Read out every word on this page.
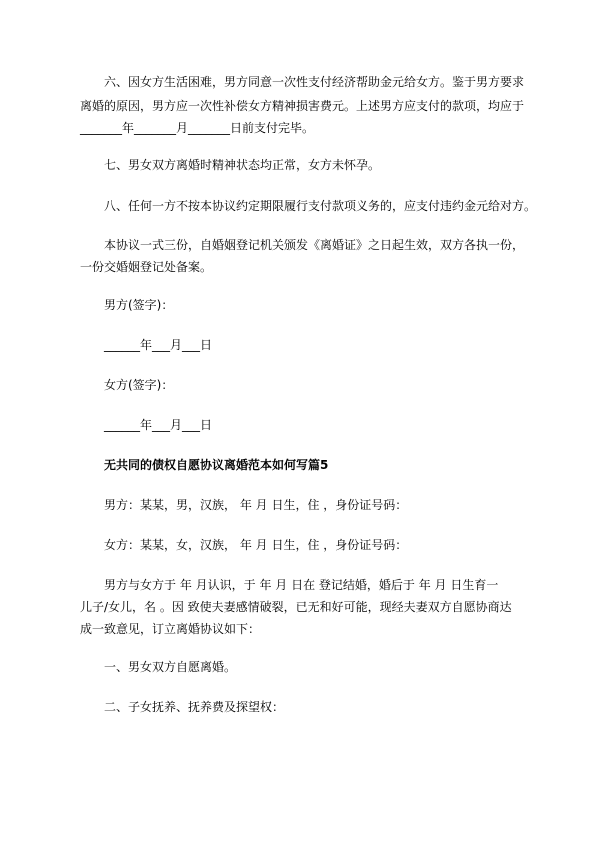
六、因女方生活困难，男方同意一次性支付经济帮助金元给女方。鉴于男方要求
离婚的原因，男方应一次性补偿女方精神损害费元。上述男方应支付的款项，均应于
_______年_______月_______日前支付完毕。
七、男女双方离婚时精神状态均正常，女方未怀孕。
八、任何一方不按本协议约定期限履行支付款项义务的，应支付违约金元给对方。
本协议一式三份，自婚姻登记机关颁发《离婚证》之日起生效，双方各执一份，
一份交婚姻登记处备案。
男方(签字)：
______年___月___日
女方(签字)：
______年___月___日
无共同的债权自愿协议离婚范本如何写篇5
男方：某某，男，汉族， 年 月 日生，住 ，身份证号码：
女方：某某，女，汉族， 年 月 日生，住 ，身份证号码：
男方与女方于 年 月认识，于 年 月 日在 登记结婚，婚后于 年 月 日生育一
儿子/女儿，名 。因 致使夫妻感情破裂，已无和好可能，现经夫妻双方自愿协商达
成一致意见，订立离婚协议如下：
一、男女双方自愿离婚。
二、子女抚养、抚养费及探望权：
